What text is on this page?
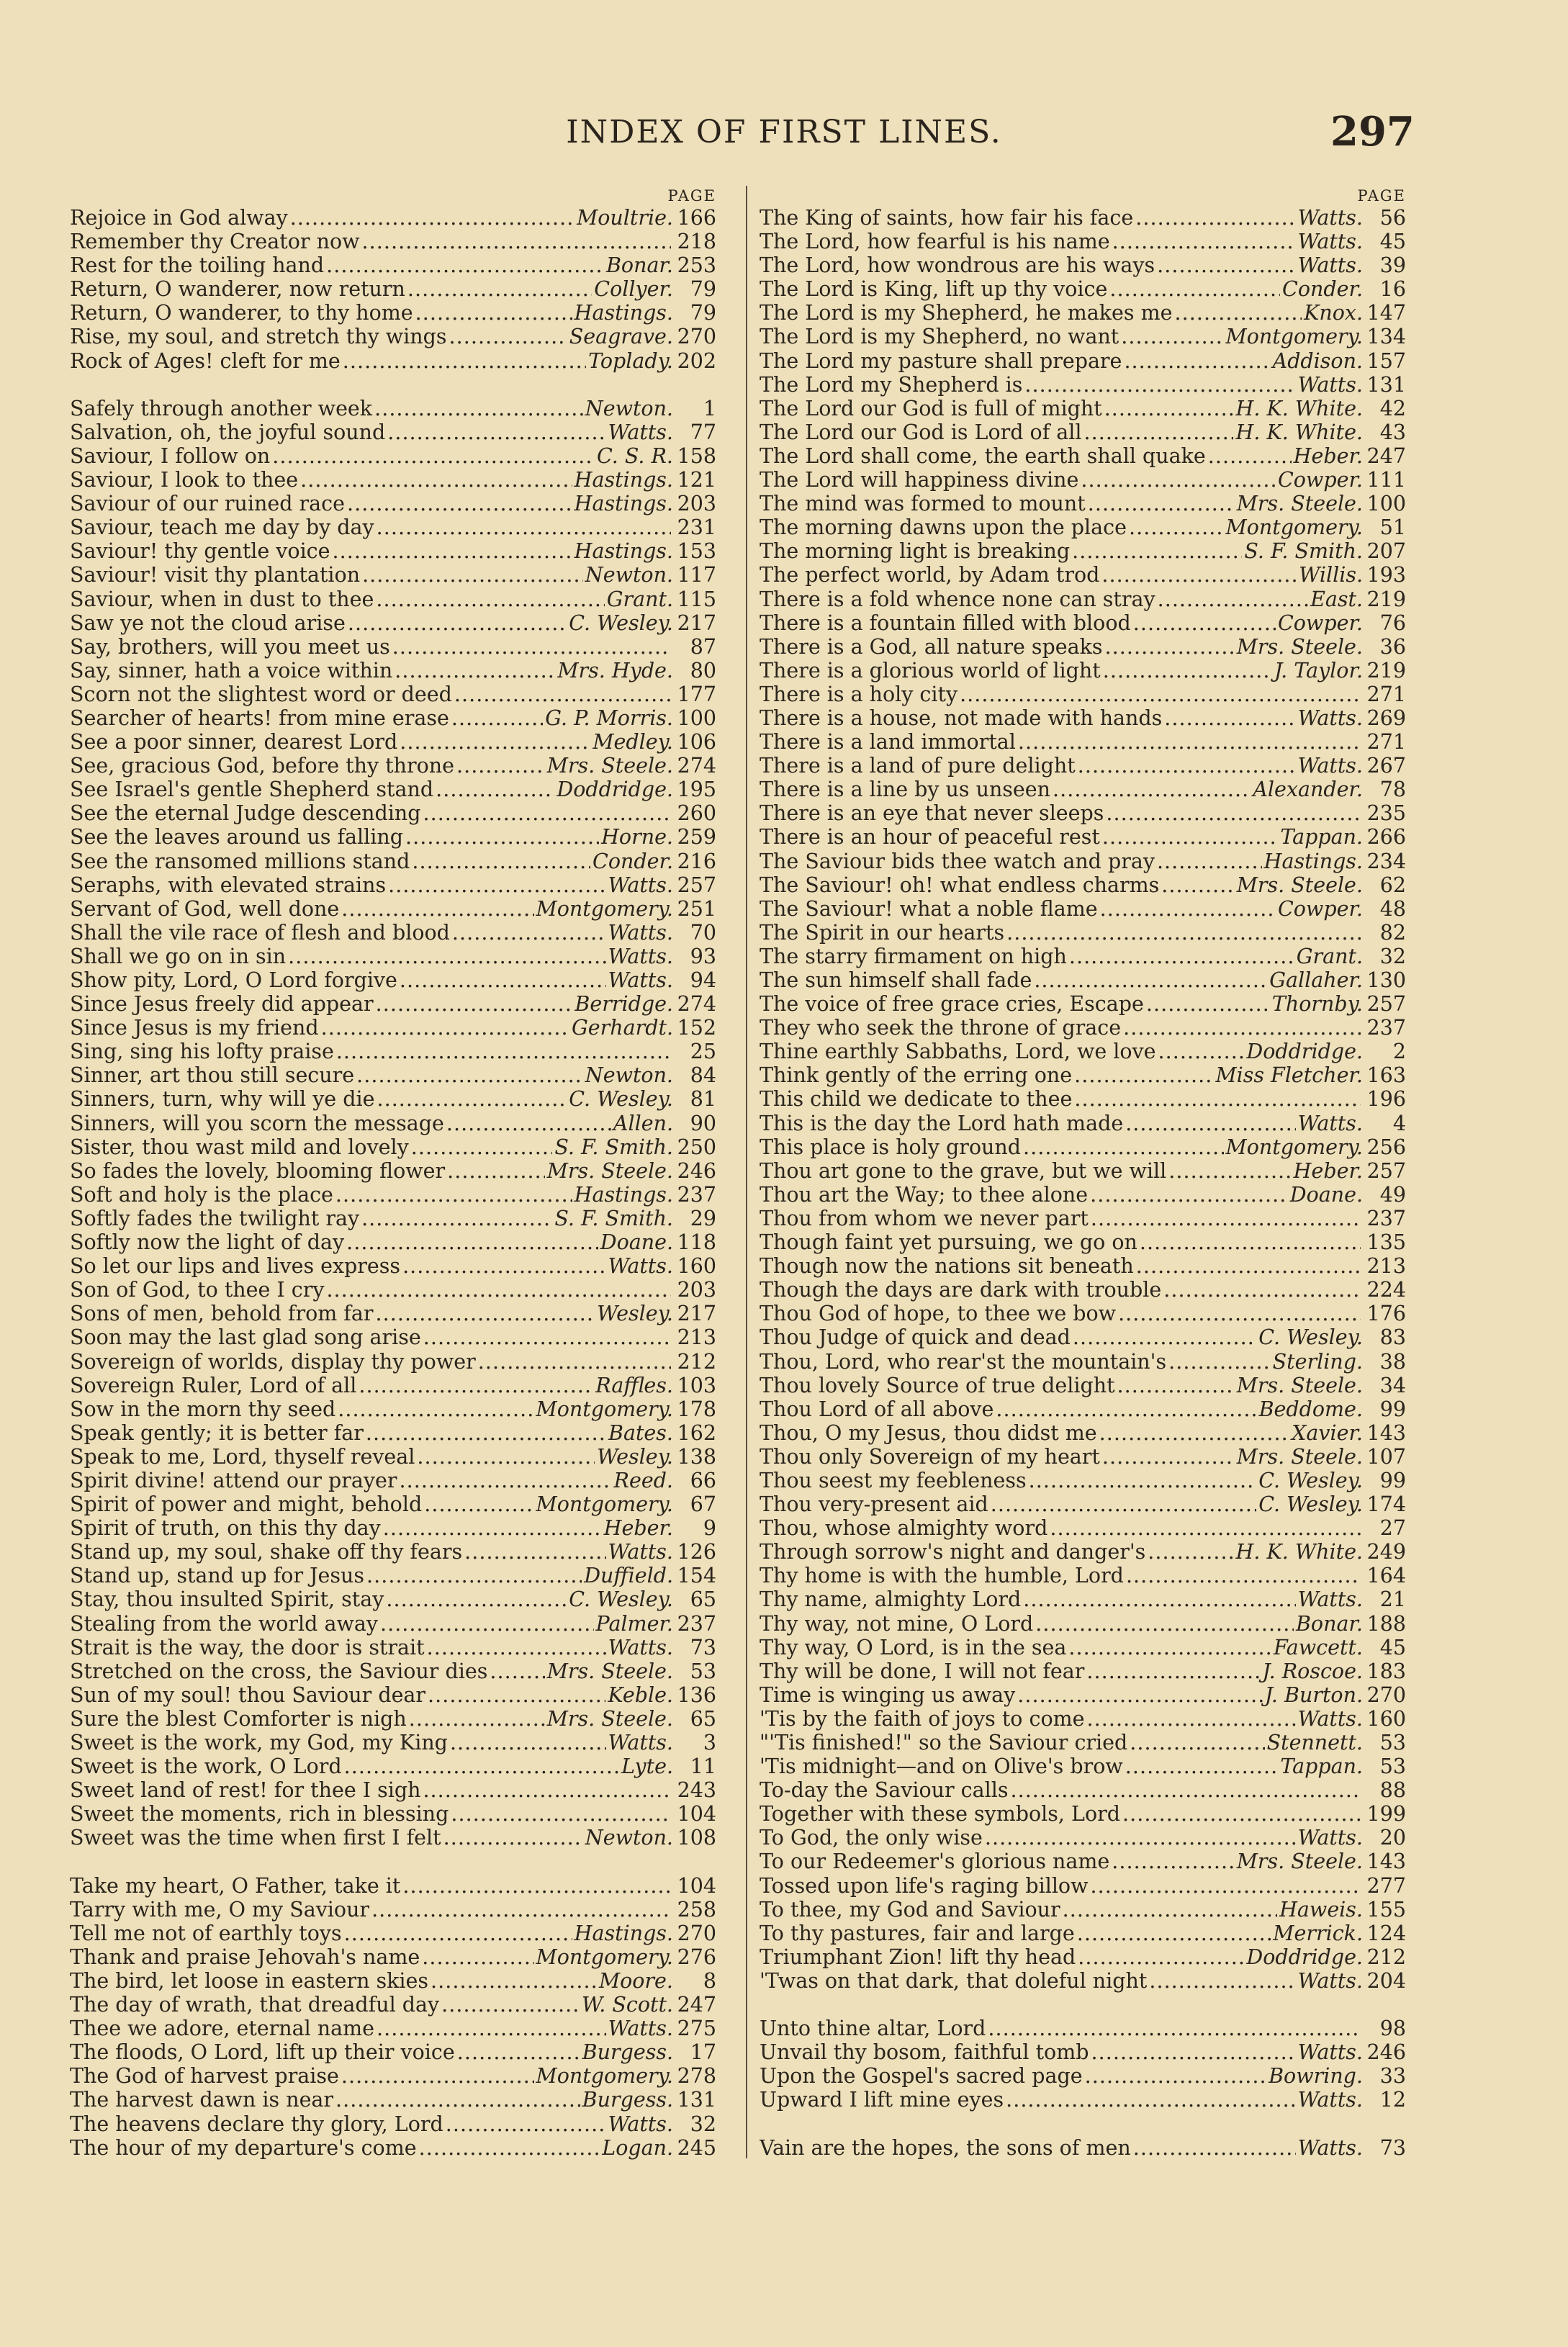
INDEX OF FIRST LINES.	297
PAGE
Rejoice in God alway . . .	Moultrie. 166
Remember thy Creator now . . .	218
Rest for the toiling hand . . .	Bonar. 253
Return, O wanderer, now return . . .	Collyer. 79
Return, O wanderer, to thy home . . .	Hastings. 79
Rise, my soul, and stretch thy wings . . .	Seagrave. 270
Rock of Ages! cleft for me . . .	Toplady. 202
Safely through another week . . .	Newton.	1
Salvation, oh, the joyful sound . . .	Watts. 77
Saviour, I follow on . . .	C. S. R. 158
Saviour, I look to thee . . .	Hastings. 121
Saviour of our ruined race . . .	Hastings. 203
Saviour, teach me day by day . . .	231
Saviour! thy gentle voice . . .	Hastings. 153
Saviour! visit thy plantation . . .	Newton. 117
Saviour, when in dust to thee . . .	Grant. 115
Saw ye not the cloud arise . . .	C. Wesley. 217
Say, brothers, will you meet us . . .	87
Say, sinner, hath a voice within . . .	Mrs. Hyde. 80
Scorn not the slightest word or deed . . .	177
Searcher of hearts! from mine erase . . .	G. P. Morris. 100
See a poor sinner, dearest Lord . . .	Medley. 106
See, gracious God, before thy throne . . .	Mrs. Steele. 274
See Israel's gentle Shepherd stand . . .	Doddridge. 195
See the eternal Judge descending . . .	260
See the leaves around us falling . . .	Horne. 259
See the ransomed millions stand . . .	Conder. 216
Seraphs, with elevated strains . . .	Watts. 257
Servant of God, well done . . .	Montgomery. 251
Shall the vile race of flesh and blood . . .	Watts. 70
Shall we go on in sin . . .	Watts. 93
Show pity, Lord, O Lord forgive . . .	Watts. 94
Since Jesus freely did appear . . .	Berridge. 274
Since Jesus is my friend . . .	Gerhardt. 152
Sing, sing his lofty praise . . .	25
Sinner, art thou still secure . . .	Newton. 84
Sinners, turn, why will ye die . . .	C. Wesley. 81
Sinners, will you scorn the message . . .	Allen. 90
Sister, thou wast mild and lovely . . .	S. F. Smith. 250
So fades the lovely, blooming flower . . .	Mrs. Steele. 246
Soft and holy is the place . . .	Hastings. 237
Softly fades the twilight ray . . .	S. F. Smith. 29
Softly now the light of day . . .	Doane. 118
So let our lips and lives express . . .	Watts. 160
Son of God, to thee I cry . . .	203
Sons of men, behold from far . . .	Wesley. 217
Soon may the last glad song arise . . .	213
Sovereign of worlds, display thy power . . .	212
Sovereign Ruler, Lord of all . . .	Raffles. 103
Sow in the morn thy seed . . .	Montgomery. 178
Speak gently; it is better far . . .	Bates. 162
Speak to me, Lord, thyself reveal . . .	Wesley. 138
Spirit divine! attend our prayer . . .	Reed. 66
Spirit of power and might, behold . . .	Montgomery. 67
Spirit of truth, on this thy day . . .	Heber.	9
Stand up, my soul, shake off thy fears . . .	Watts. 126
Stand up, stand up for Jesus . . .	Duffield. 154
Stay, thou insulted Spirit, stay . . .	C. Wesley. 65
Stealing from the world away . . .	Palmer. 237
Strait is the way, the door is strait . . .	Watts. 73
Stretched on the cross, the Saviour dies . . .	Mrs. Steele. 53
Sun of my soul! thou Saviour dear . . .	Keble. 136
Sure the blest Comforter is nigh . . .	Mrs. Steele. 65
Sweet is the work, my God, my King . . .	Watts.	3
Sweet is the work, O Lord . . .	Lyte. 11
Sweet land of rest! for thee I sigh . . .	243
Sweet the moments, rich in blessing . . .	104
Sweet was the time when first I felt . . .	Newton. 108
Take my heart, O Father, take it . . .	104
Tarry with me, O my Saviour . . .	258
Tell me not of earthly toys . . .	Hastings. 270
Thank and praise Jehovah's name . . .	Montgomery. 276
The bird, let loose in eastern skies . . .	Moore.	8
The day of wrath, that dreadful day . . .	W. Scott. 247
Thee we adore, eternal name . . .	Watts. 275
The floods, O Lord, lift up their voice . . .	Burgess. 17
The God of harvest praise . . .	Montgomery. 278
The harvest dawn is near . . .	Burgess. 131
The heavens declare thy glory, Lord . . .	Watts. 32
The hour of my departure's come . . .	Logan. 245
PAGE
The King of saints, how fair his face . . .	Watts. 56
The Lord, how fearful is his name . . .	Watts. 45
The Lord, how wondrous are his ways . . .	Watts. 39
The Lord is King, lift up thy voice . . .	Conder. 16
The Lord is my Shepherd, he makes me . . .	Knox. 147
The Lord is my Shepherd, no want . . .	Montgomery. 134
The Lord my pasture shall prepare . . .	Addison. 157
The Lord my Shepherd is . . .	Watts. 131
The Lord our God is full of might . . .	H. K. White. 42
The Lord our God is Lord of all . . .	H. K. White. 43
The Lord shall come, the earth shall quake . . .	Heber. 247
The Lord will happiness divine . . .	Cowper. 111
The mind was formed to mount . . .	Mrs. Steele. 100
The morning dawns upon the place . . .	Montgomery. 51
The morning light is breaking . . .	S. F. Smith. 207
The perfect world, by Adam trod . . .	Willis. 193
There is a fold whence none can stray . . .	East. 219
There is a fountain filled with blood . . .	Cowper. 76
There is a God, all nature speaks . . .	Mrs. Steele. 36
There is a glorious world of light . . .	J. Taylor. 219
There is a holy city . . .	271
There is a house, not made with hands . . .	Watts. 269
There is a land immortal . . .	271
There is a land of pure delight . . .	Watts. 267
There is a line by us unseen . . .	Alexander. 78
There is an eye that never sleeps . . .	235
There is an hour of peaceful rest . . .	Tappan. 266
The Saviour bids thee watch and pray . . .	Hastings. 234
The Saviour! oh! what endless charms . . .	Mrs. Steele. 62
The Saviour! what a noble flame . . .	Cowper. 48
The Spirit in our hearts . . .	82
The starry firmament on high . . .	Grant. 32
The sun himself shall fade . . .	Gallaher. 130
The voice of free grace cries, Escape . . .	Thornby. 257
They who seek the throne of grace . . .	237
Thine earthly Sabbaths, Lord, we love . . .	Doddridge.	2
Think gently of the erring one . . .	Miss Fletcher. 163
This child we dedicate to thee . . .	196
This is the day the Lord hath made . . .	Watts.	4
This place is holy ground . . .	Montgomery. 256
Thou art gone to the grave, but we will . . .	Heber. 257
Thou art the Way; to thee alone . . .	Doane. 49
Thou from whom we never part . . .	237
Though faint yet pursuing, we go on . . .	135
Though now the nations sit beneath . . .	213
Though the days are dark with trouble . . .	224
Thou God of hope, to thee we bow . . .	176
Thou Judge of quick and dead . . .	C. Wesley. 83
Thou, Lord, who rear'st the mountain's . . .	Sterling. 38
Thou lovely Source of true delight . . .	Mrs. Steele. 34
Thou Lord of all above . . .	Beddome. 99
Thou, O my Jesus, thou didst me . . .	Xavier. 143
Thou only Sovereign of my heart . . .	Mrs. Steele. 107
Thou seest my feebleness . . .	C. Wesley. 99
Thou very-present aid . . .	C. Wesley. 174
Thou, whose almighty word . . .	27
Through sorrow's night and danger's . . .	H. K. White. 249
Thy home is with the humble, Lord . . .	164
Thy name, almighty Lord . . .	Watts. 21
Thy way, not mine, O Lord . . .	Bonar. 188
Thy way, O Lord, is in the sea . . .	Fawcett. 45
Thy will be done, I will not fear . . .	J. Roscoe. 183
Time is winging us away . . .	J. Burton. 270
'Tis by the faith of joys to come . . .	Watts. 160
"'Tis finished!" so the Saviour cried . . .	Stennett. 53
'Tis midnight—and on Olive's brow . . .	Tappan. 53
To-day the Saviour calls . . .	88
Together with these symbols, Lord . . .	199
To God, the only wise . . .	Watts. 20
To our Redeemer's glorious name . . .	Mrs. Steele. 143
Tossed upon life's raging billow . . .	277
To thee, my God and Saviour . . .	Haweis. 155
To thy pastures, fair and large . . .	Merrick. 124
Triumphant Zion! lift thy head . . .	Doddridge. 212
'Twas on that dark, that doleful night . . .	Watts. 204
Unto thine altar, Lord . . .	98
Unvail thy bosom, faithful tomb . . .	Watts. 246
Upon the Gospel's sacred page . . .	Bowring. 33
Upward I lift mine eyes . . .	Watts. 12
Vain are the hopes, the sons of men . . .	Watts. 73
